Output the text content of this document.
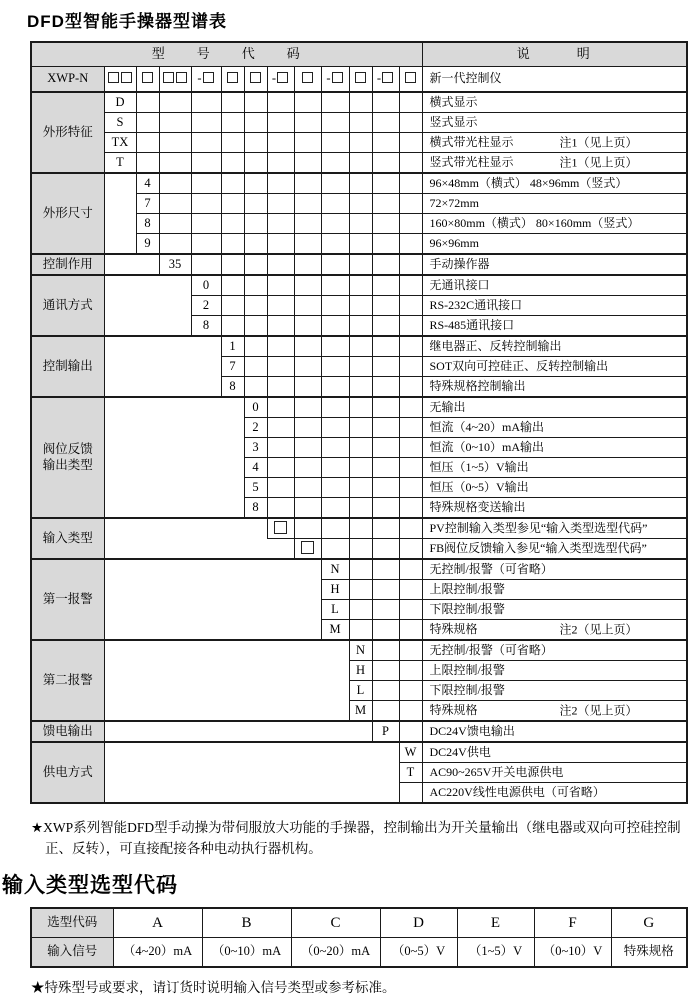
DFD型智能手操器型谱表
型　　号　　代　　码													说　　　明
XWP-N				-			-		-		-		新一代控制仪

外形特征	D												横式显示
	S												竖式显示
	TX												横式带光柱显示 注1（见上页）

	T												竖式带光柱显示 注1（见上页）

外形尺寸		4											96×48mm（横式） 48×96mm（竖式）
		7											72×72mm
		8											160×80mm（横式） 80×160mm（竖式）
		9											96×96mm

控制作用			35										手动操作器

通讯方式				0									无通讯接口
				2									RS-232C通讯接口
				8									RS-485通讯接口

控制输出					1								继电器正、反转控制输出
					7								SOT双向可控硅正、反转控制输出
					8								特殊规格控制输出

阀位反馈
输出类型						0							无输出
						2							恒流（4~20）mA输出
						3							恒流（0~10）mA输出
						4							恒压（1~5）V输出
						5							恒压（0~5）V输出
						8							特殊规格变送输出

输入类型													PV控制输入类型参见“输入类型选型代码”
													FB阀位反馈输入参见“输入类型选型代码”

第一报警									N				无控制/报警（可省略）
									H				上限控制/报警
									L				下限控制/报警
									M				特殊规格 注2（见上页）

第二报警										N			无控制/报警（可省略）
										H			上限控制/报警
										L			下限控制/报警
										M			特殊规格 注2（见上页）

馈电输出											P		DC24V馈电输出

供电方式												W	DC24V供电
												T	AC90~265V开关电源供电
													AC220V线性电源供电（可省略）

★XWP系列智能DFD型手动操为带伺服放大功能的手操器，控制输出为开关量输出（继电器或双向可控硅控制正、反转），可直接配接各种电动执行器机构。

输入类型选型代码
选型代码	A	B	C	D	E	F	G
输入信号	（4~20）mA	（0~10）mA	（0~20）mA	（0~5）V	（1~5）V	（0~10）V	特殊规格

★特殊型号或要求，请订货时说明输入信号类型或参考标准。
